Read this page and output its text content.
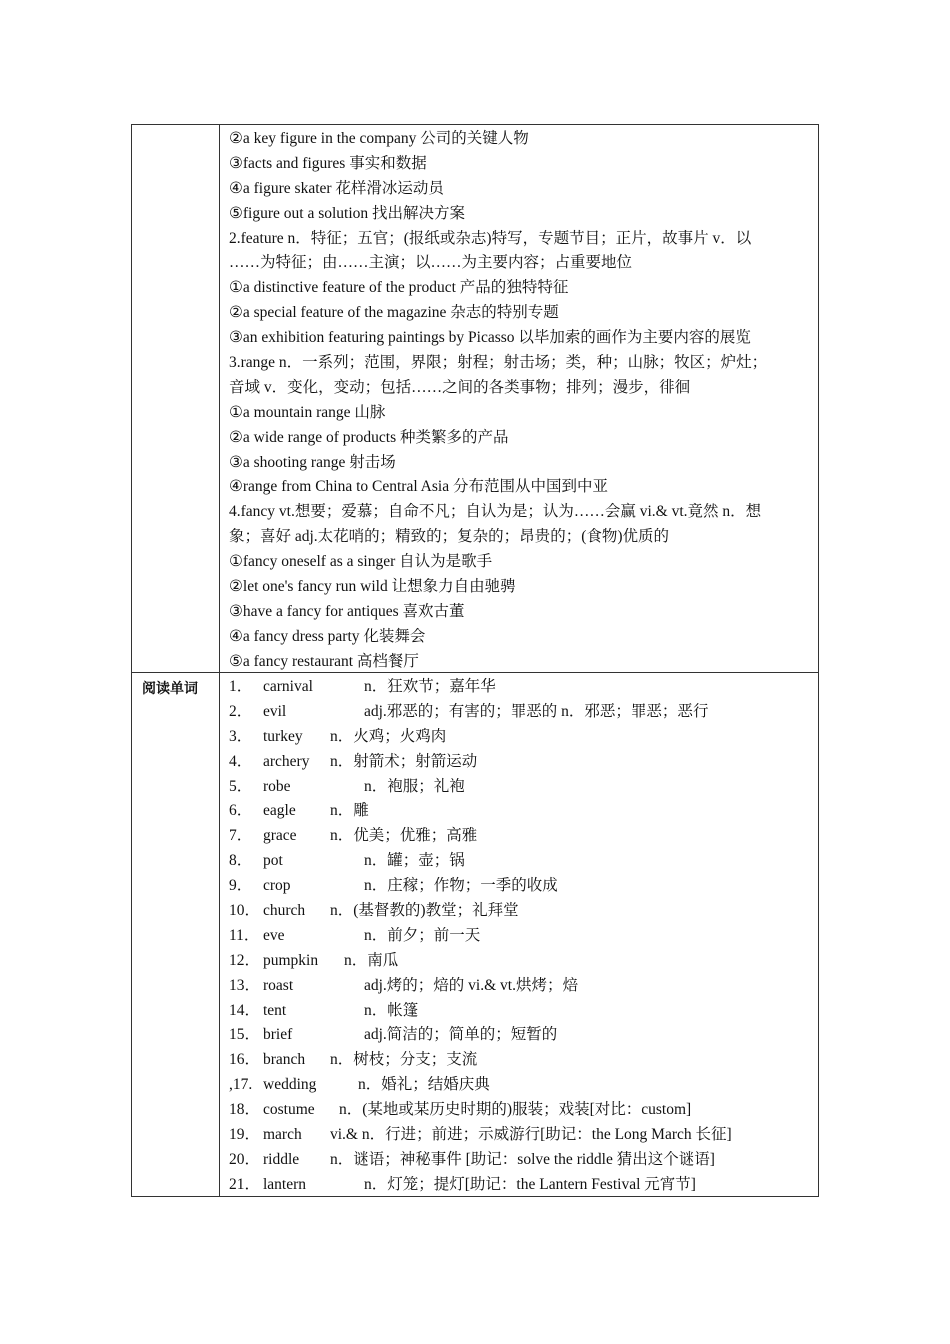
②a key figure in the company 公司的关键人物
③facts and figures 事实和数据
④a figure skater 花样滑冰运动员
⑤figure out a solution 找出解决方案
2.feature n．特征；五官；(报纸或杂志)特写，专题节目；正片，故事片 v．以
……为特征；由……主演；以……为主要内容；占重要地位
①a distinctive feature of the product 产品的独特特征
②a special feature of the magazine 杂志的特别专题
③an exhibition featuring paintings by Picasso 以毕加索的画作为主要内容的展览
3.range n．一系列；范围，界限；射程；射击场；类，种；山脉；牧区；炉灶；
音域 v．变化，变动；包括……之间的各类事物；排列；漫步，徘徊
①a mountain range 山脉
②a wide range of products 种类繁多的产品
③a shooting range 射击场
④range from China to Central Asia 分布范围从中国到中亚
4.fancy vt.想要；爱慕；自命不凡；自认为是；认为……会赢 vi.& vt.竟然 n．想
象；喜好 adj.太花哨的；精致的；复杂的；昂贵的；(食物)优质的
①fancy oneself as a singer 自认为是歌手
②let one's fancy run wild 让想象力自由驰骋
③have a fancy for antiques 喜欢古董
④a fancy dress party 化装舞会
⑤a fancy restaurant 高档餐厅
阅读单词 1． carnival	n．狂欢节；嘉年华
2． evil	adj.邪恶的；有害的；罪恶的 n．邪恶；罪恶；恶行
3． turkey	n．火鸡；火鸡肉
4． archery	n．射箭术；射箭运动
5． robe	n．袍服；礼袍
6． eagle	n．雕
7． grace	n．优美；优雅；高雅
8． pot	n．罐；壶；锅
9． crop	n．庄稼；作物；一季的收成
10． church	n．(基督教的)教堂；礼拜堂
11． eve	n．前夕；前一天
12． pumpkin	n．南瓜
13． roast	adj.烤的；焙的 vi.& vt.烘烤；焙
14． tent	n．帐篷
15． brief	adj.简洁的；简单的；短暂的
16． branch	n．树枝；分支；支流
,17. wedding	n．婚礼；结婚庆典
18． costume	n．(某地或某历史时期的)服装；戏装[对比：custom]
19． march	vi.& n．行进；前进；示威游行[助记：the Long March 长征]
20． riddle	n．谜语；神秘事件 [助记：solve the riddle 猜出这个谜语]
21． lantern	n．灯笼；提灯[助记：the Lantern Festival 元宵节]
